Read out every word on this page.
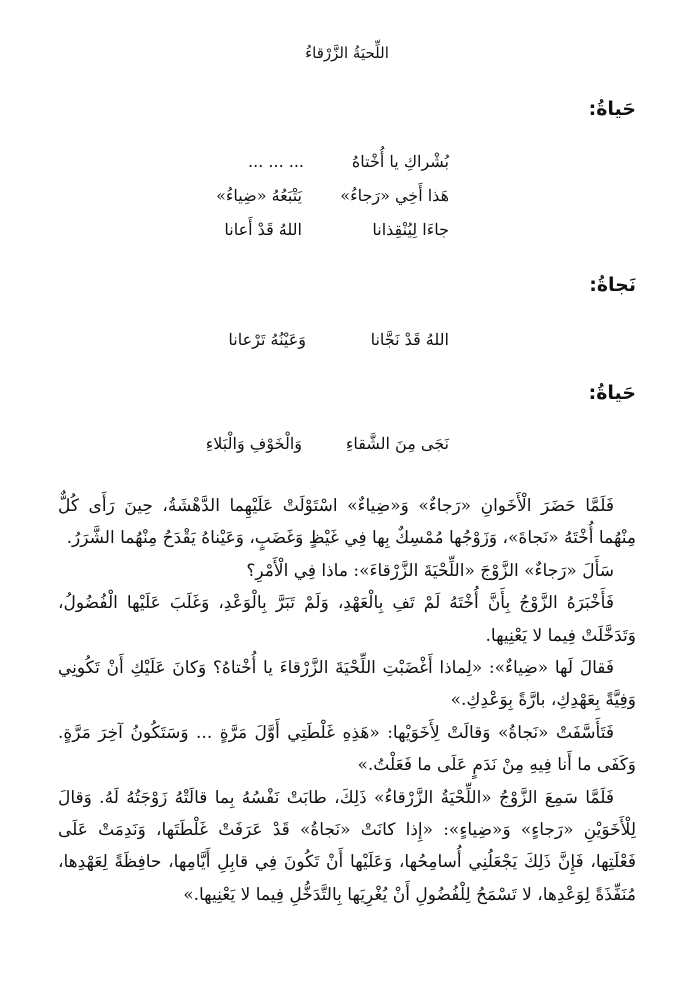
اللِّحيَةُ الزَّرْقاءُ
حَياةُ:
بُشْراكِ يا أُخْتاهُ
... ... ...
هَذا أَخِي «رَجاءُ»
يَتْبَعُهُ «ضِياءُ»
جاءَا لِيُنْقِذانا
اللهُ قَدْ أَعانا
نَجاةُ:
اللهُ قَدْ نَجَّانا
وَعَيْنُهُ تَرْعانا
حَياةُ:
نَجَى مِنَ الشَّقاءِ
وَالْخَوْفِ وَالْبَلاءِ

فَلَمَّا حَضَرَ الْأَخَوانِ «رَجاءٌ» وَ«ضِياءٌ» اسْتَوْلَتْ عَلَيْهِما الدَّهْشَةُ، حِينَ رَأَى كُلٌّ مِنْهُما أُخْتَهُ «نَجاةَ»، وَزَوْجُها مُمْسِكٌ بِها فِي غَيْظٍ وَغَضَبٍ، وَعَيْناهُ يَقْدَحُ مِنْهُما الشَّرَرُ.

سَأَلَ «رَجاءٌ» الزَّوْجَ «اللِّحْيَةَ الزَّرْقاءَ»: ماذا فِي الْأَمْرِ؟

فَأَخْبَرَهُ الزَّوْجُ بِأَنَّ أُخْتَهُ لَمْ تَفِ بِالْعَهْدِ، وَلَمْ تَبَرَّ بِالْوَعْدِ، وَغَلَبَ عَلَيْها الْفُضُولُ، وَتَدَخَّلَتْ فِيما لا يَعْنِيها.

فَقالَ لَها «ضِياءٌ»: «لِماذا أَغْضَبْتِ اللِّحْيَةَ الزَّرْقاءَ يا أُخْتاهُ؟ وَكانَ عَلَيْكِ أَنْ تَكُونِي وَفِيَّةً بِعَهْدِكِ، بارَّةً بِوَعْدِكِ.»

فَتَأَسَّفَتْ «نَجاةُ» وَقالَتْ لِأَخَوَيْها: «هَذِهِ غَلْطَتِي أَوَّلَ مَرَّةٍ ... وَسَتَكُونُ آخِرَ مَرَّةٍ. وَكَفَى ما أَنا فِيهِ مِنْ نَدَمٍ عَلَى ما فَعَلْتُ.»

فَلَمَّا سَمِعَ الزَّوْجُ «اللِّحْيَةُ الزَّرْقاءُ» ذَلِكَ، طابَتْ نَفْسُهُ بِما قالَتْهُ زَوْجَتُهُ لَهُ. وَقالَ لِلْأَخَوَيْنِ «رَجاءٍ» وَ«ضِياءٍ»: «إِذا كانَتْ «نَجاةُ» قَدْ عَرَفَتْ غَلْطَتَها، وَنَدِمَتْ عَلَى فَعْلَتِها، فَإِنَّ ذَلِكَ يَجْعَلُنِي أُسامِحُها، وَعَلَيْها أَنْ تَكُونَ فِي قابِلِ أَيَّامِها، حافِظَةً لِعَهْدِها، مُنَفِّذَةً لِوَعْدِها، لا تَسْمَحُ لِلْفُضُولِ أَنْ يُغْرِيَها بِالتَّدَخُّلِ فِيما لا يَعْنِيها.»
